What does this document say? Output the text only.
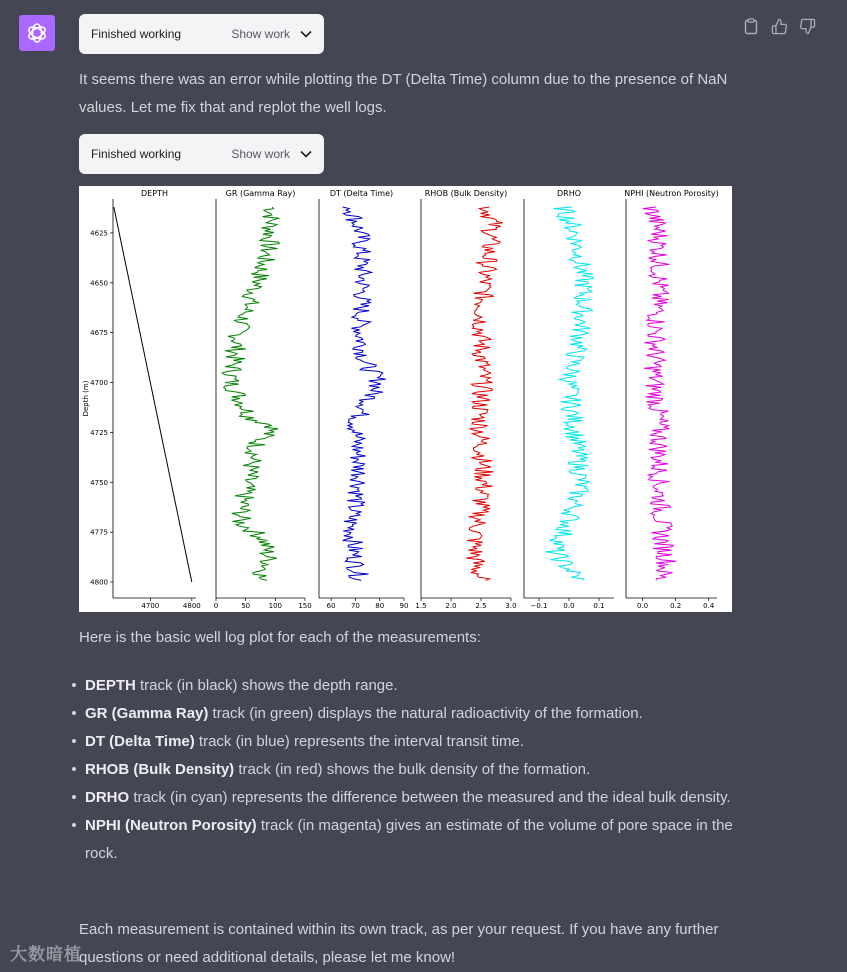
Finished working	Show work
It seems there was an error while plotting the DT (Delta Time) column due to the presence of NaN values. Let me fix that and replot the well logs.
Finished working	Show work
4625
4650
4675
4700
4725
4750
4775
4800
Depth (m)
DEPTH
4700	4800
GR (Gamma Ray)
0	50	100 150
DT (Delta Time)
60 70 80 90
RHOB (Bulk Density)
1.5	2.0	2.5	3.0
DRHO
−0.1 0.0	0.1
NPHI (Neutron Porosity)
0.0	0.2	0.4
Here is the basic well log plot for each of the measurements:
DEPTH track (in black) shows the depth range.
GR (Gamma Ray) track (in green) displays the natural radioactivity of the formation.
DT (Delta Time) track (in blue) represents the interval transit time.
RHOB (Bulk Density) track (in red) shows the bulk density of the formation.
DRHO track (in cyan) represents the difference between the measured and the ideal bulk density.
NPHI (Neutron Porosity) track (in magenta) gives an estimate of the volume of pore space in the rock.
Each measurement is contained within its own track, as per your request. If you have any further questions or need additional details, please let me know!
大数暗植
